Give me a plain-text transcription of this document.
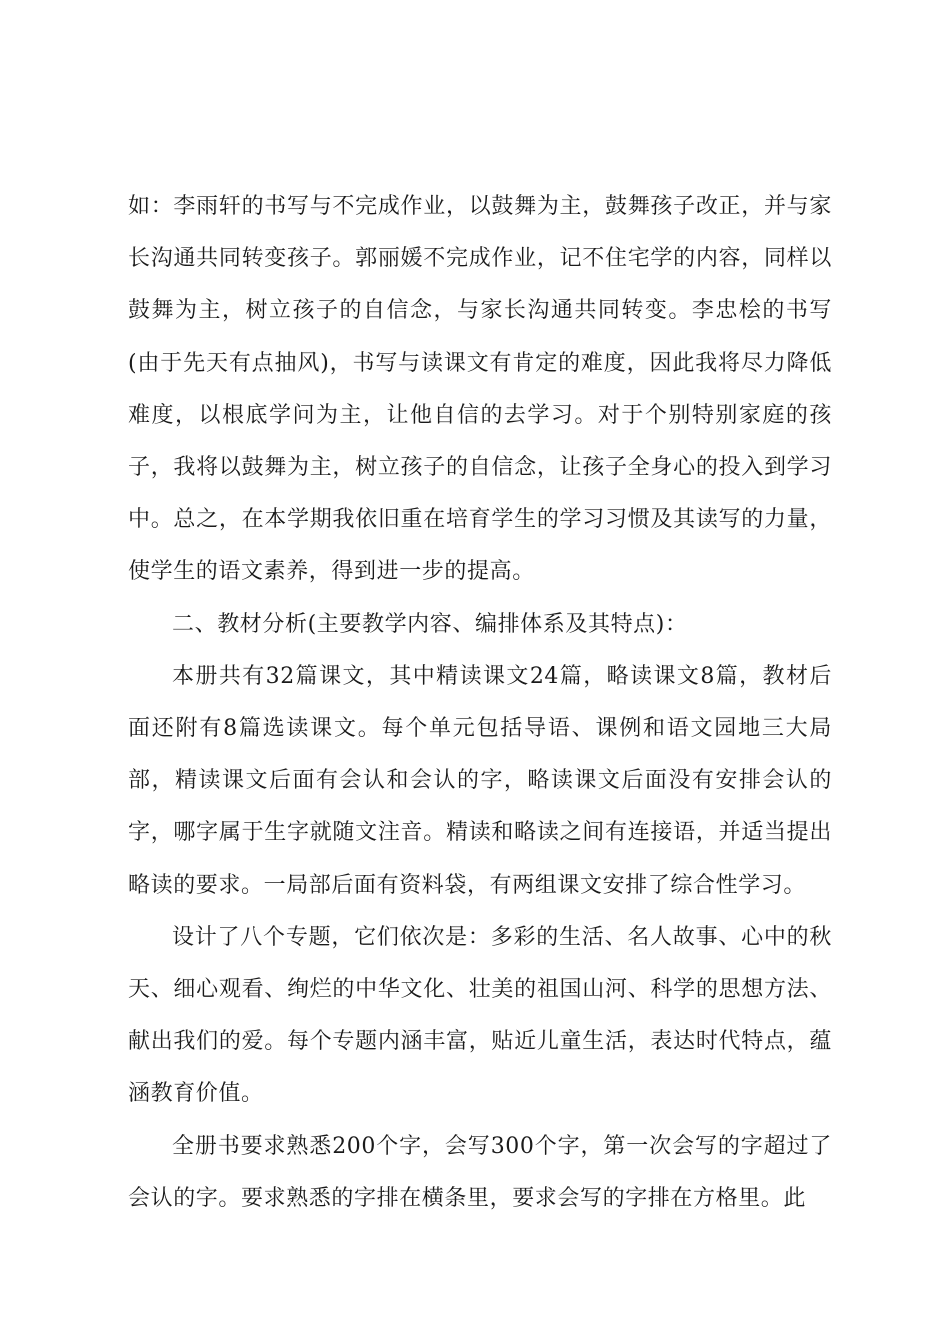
如：李雨轩的书写与不完成作业，以鼓舞为主，鼓舞孩子改正，并与家长沟通共同转变孩子。郭丽媛不完成作业，记不住宅学的内容，同样以鼓舞为主，树立孩子的自信念，与家长沟通共同转变。李忠桧的书写(由于先天有点抽风)，书写与读课文有肯定的难度，因此我将尽力降低难度，以根底学问为主，让他自信的去学习。对于个别特别家庭的孩子，我将以鼓舞为主，树立孩子的自信念，让孩子全身心的投入到学习中。总之，在本学期我依旧重在培育学生的学习习惯及其读写的力量，使学生的语文素养，得到进一步的提高。

二、教材分析(主要教学内容、编排体系及其特点)：

本册共有32篇课文，其中精读课文24篇，略读课文8篇，教材后面还附有8篇选读课文。每个单元包括导语、课例和语文园地三大局部，精读课文后面有会认和会认的字，略读课文后面没有安排会认的字，哪字属于生字就随文注音。精读和略读之间有连接语，并适当提出略读的要求。一局部后面有资料袋，有两组课文安排了综合性学习。

设计了八个专题，它们依次是：多彩的生活、名人故事、心中的秋天、细心观看、绚烂的中华文化、壮美的祖国山河、科学的思想方法、献出我们的爱。每个专题内涵丰富，贴近儿童生活，表达时代特点，蕴涵教育价值。

全册书要求熟悉200个字，会写300个字，第一次会写的字超过了会认的字。要求熟悉的字排在横条里，要求会写的字排在方格里。此
